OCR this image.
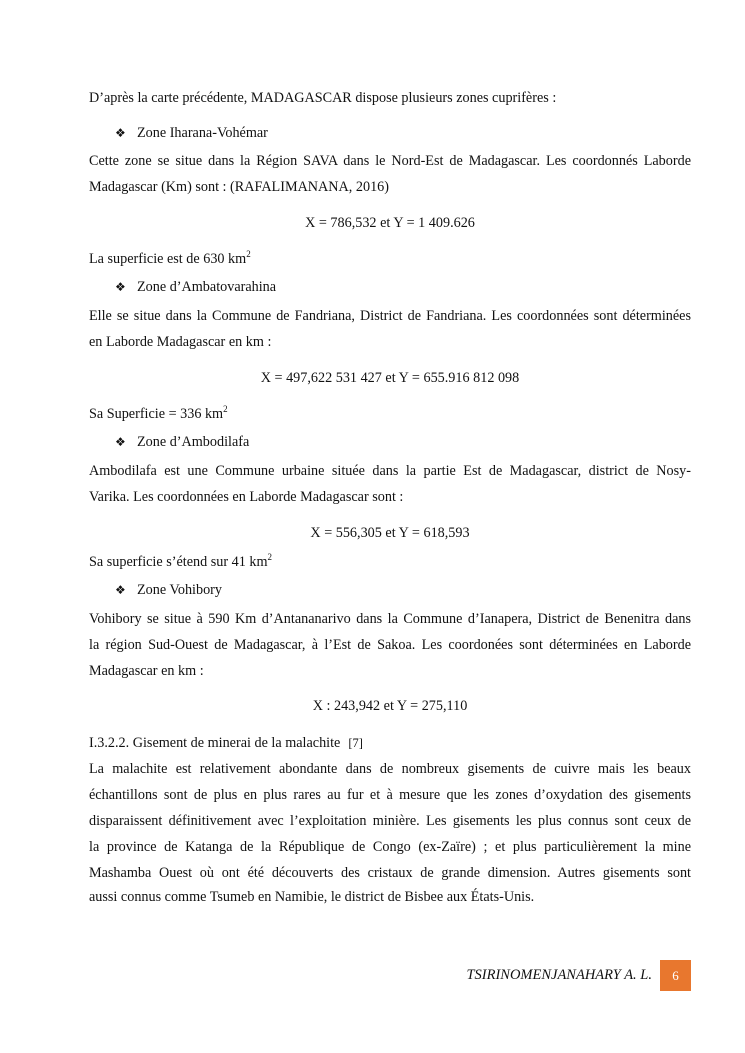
D’après la carte précédente, MADAGASCAR dispose plusieurs zones cuprifères :
❖ Zone Iharana-Vohémar
Cette zone se situe dans la Région SAVA dans le Nord-Est de Madagascar. Les coordonnés Laborde
Madagascar (Km) sont : (RAFALIMANANA, 2016)
X = 786,532 et Y = 1 409.626
La superficie est de 630 $km^2$
❖ Zone d’Ambatovarahina
Elle se situe dans la Commune de Fandriana, District de Fandriana. Les coordonnées sont déterminées
en Laborde Madagascar en km :
X = 497,622 531 427 et Y = 655.916 812 098
Sa Superficie = 336 $km^2$
❖ Zone d’Ambodilafa
Ambodilafa est une Commune urbaine située dans la partie Est de Madagascar, district de Nosy-
Varika. Les coordonnées en Laborde Madagascar sont :
X = 556,305 et Y = 618,593
Sa superficie s’étend sur 41 $km^2$
❖ Zone Vohibory
Vohibory se situe à 590 Km d’Antananarivo dans la Commune d’Ianapera, District de Benenitra dans
la région Sud-Ouest de Madagascar, à l’Est de Sakoa. Les coordonées sont déterminées en Laborde
Madagascar en km :
X : 243,942 et Y = 275,110
I.3.2.2. Gisement de minerai de la malachite [7]
La malachite est relativement abondante dans de nombreux gisements de cuivre mais les beaux
échantillons sont de plus en plus rares au fur et à mesure que les zones d’oxydation des gisements
disparaissent définitivement avec l’exploitation minière. Les gisements les plus connus sont ceux de
la province de Katanga de la République de Congo (ex-Zaïre) ; et plus particulièrement la mine
Mashamba Ouest où ont été découverts des cristaux de grande dimension. Autres gisements sont
aussi connus comme Tsumeb en Namibie, le district de Bisbee aux États-Unis.
TSIRINOMENJANAHARY A. L.	6
